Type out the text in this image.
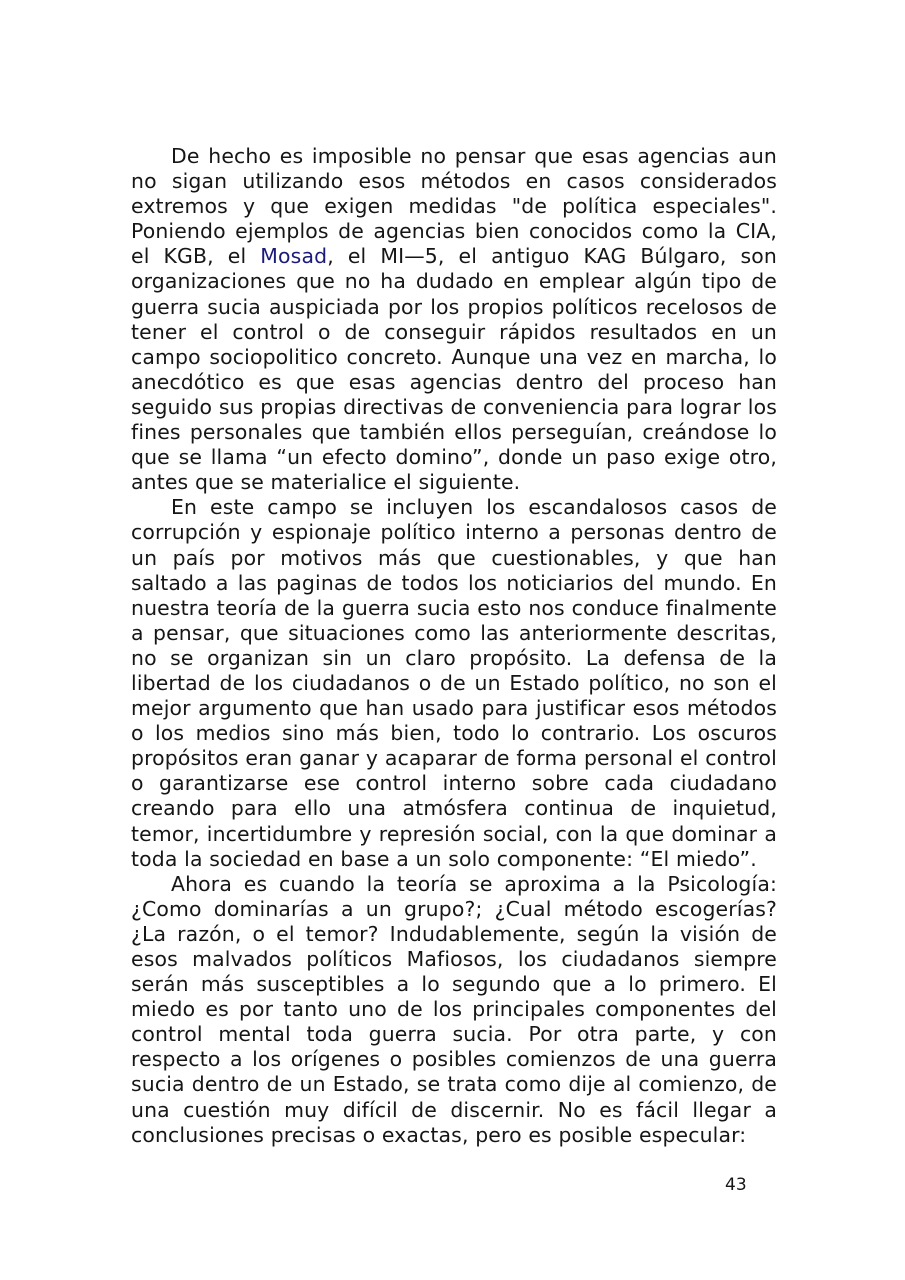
De hecho es imposible no pensar que esas agencias aun no sigan utilizando esos métodos en casos considerados extremos y que exigen medidas "de política especiales". Poniendo ejemplos de agencias bien conocidos como la CIA, el KGB, el Mosad, el MI—5, el antiguo KAG Búlgaro, son organizaciones que no ha dudado en emplear algún tipo de guerra sucia auspiciada por los propios políticos recelosos de tener el control o de conseguir rápidos resultados en un campo sociopolitico concreto. Aunque una vez en marcha, lo anecdótico es que esas agencias dentro del proceso han seguido sus propias directivas de conveniencia para lograr los fines personales que también ellos perseguían, creándose lo que se llama “un efecto domino”, donde un paso exige otro, antes que se materialice el siguiente.

En este campo se incluyen los escandalosos casos de corrupción y espionaje político interno a personas dentro de un país por motivos más que cuestionables, y que han saltado a las paginas de todos los noticiarios del mundo. En nuestra teoría de la guerra sucia esto nos conduce finalmente a pensar, que situaciones como las anteriormente descritas, no se organizan sin un claro propósito. La defensa de la libertad de los ciudadanos o de un Estado político, no son el mejor argumento que han usado para justificar esos métodos o los medios sino más bien, todo lo contrario. Los oscuros propósitos eran ganar y acaparar de forma personal el control o garantizarse ese control interno sobre cada ciudadano creando para ello una atmósfera continua de inquietud, temor, incertidumbre y represión social, con la que dominar a toda la sociedad en base a un solo componente: “El miedo”.

Ahora es cuando la teoría se aproxima a la Psicología: ¿Como dominarías a un grupo?; ¿Cual método escogerías? ¿La razón, o el temor? Indudablemente, según la visión de esos malvados políticos Mafiosos, los ciudadanos siempre serán más susceptibles a lo segundo que a lo primero. El miedo es por tanto uno de los principales componentes del control mental toda guerra sucia. Por otra parte, y con respecto a los orígenes o posibles comienzos de una guerra sucia dentro de un Estado, se trata como dije al comienzo, de una cuestión muy difícil de discernir. No es fácil llegar a conclusiones precisas o exactas, pero es posible especular:

43
